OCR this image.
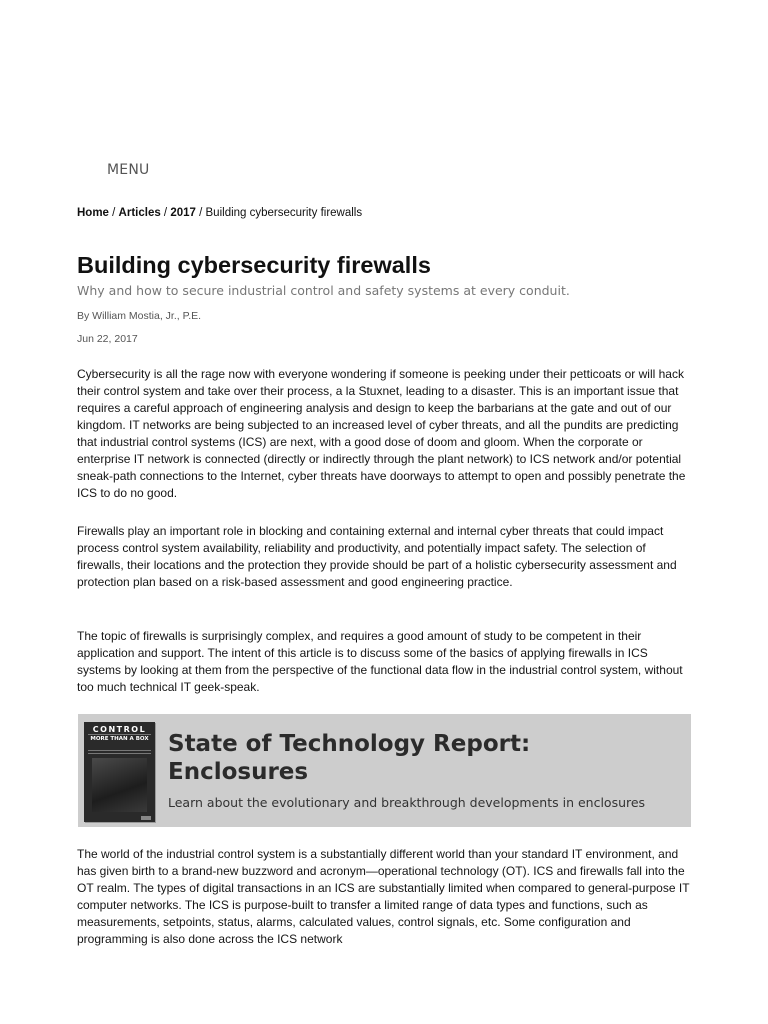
MENU
Home / Articles / 2017 / Building cybersecurity firewalls
Building cybersecurity firewalls
Why and how to secure industrial control and safety systems at every conduit.
By William Mostia, Jr., P.E.
Jun 22, 2017

Cybersecurity is all the rage now with everyone wondering if someone is peeking under their petticoats or will hack their control system and take over their process, a la Stuxnet, leading to a disaster. This is an important issue that requires a careful approach of engineering analysis and design to keep the barbarians at the gate and out of our kingdom. IT networks are being subjected to an increased level of cyber threats, and all the pundits are predicting that industrial control systems (ICS) are next, with a good dose of doom and gloom. When the corporate or enterprise IT network is connected (directly or indirectly through the plant network) to ICS network and/or potential sneak-path connections to the Internet, cyber threats have doorways to attempt to open and possibly penetrate the ICS to do no good.

Firewalls play an important role in blocking and containing external and internal cyber threats that could impact process control system availability, reliability and productivity, and potentially impact safety. The selection of firewalls, their locations and the protection they provide should be part of a holistic cybersecurity assessment and protection plan based on a risk-based assessment and good engineering practice.

The topic of firewalls is surprisingly complex, and requires a good amount of study to be competent in their application and support. The intent of this article is to discuss some of the basics of applying firewalls in ICS systems by looking at them from the perspective of the functional data flow in the industrial control system, without too much technical IT geek-speak.

CONTROL
MORE THAN A BOX State of Technology Report:
Enclosures
Learn about the evolutionary and breakthrough developments in enclosures

The world of the industrial control system is a substantially different world than your standard IT environment, and has given birth to a brand-new buzzword and acronym—operational technology (OT). ICS and firewalls fall into the OT realm. The types of digital transactions in an ICS are substantially limited when compared to general-purpose IT computer networks. The ICS is purpose-built to transfer a limited range of data types and functions, such as measurements, setpoints, status, alarms, calculated values, control signals, etc. Some configuration and programming is also done across the ICS network
